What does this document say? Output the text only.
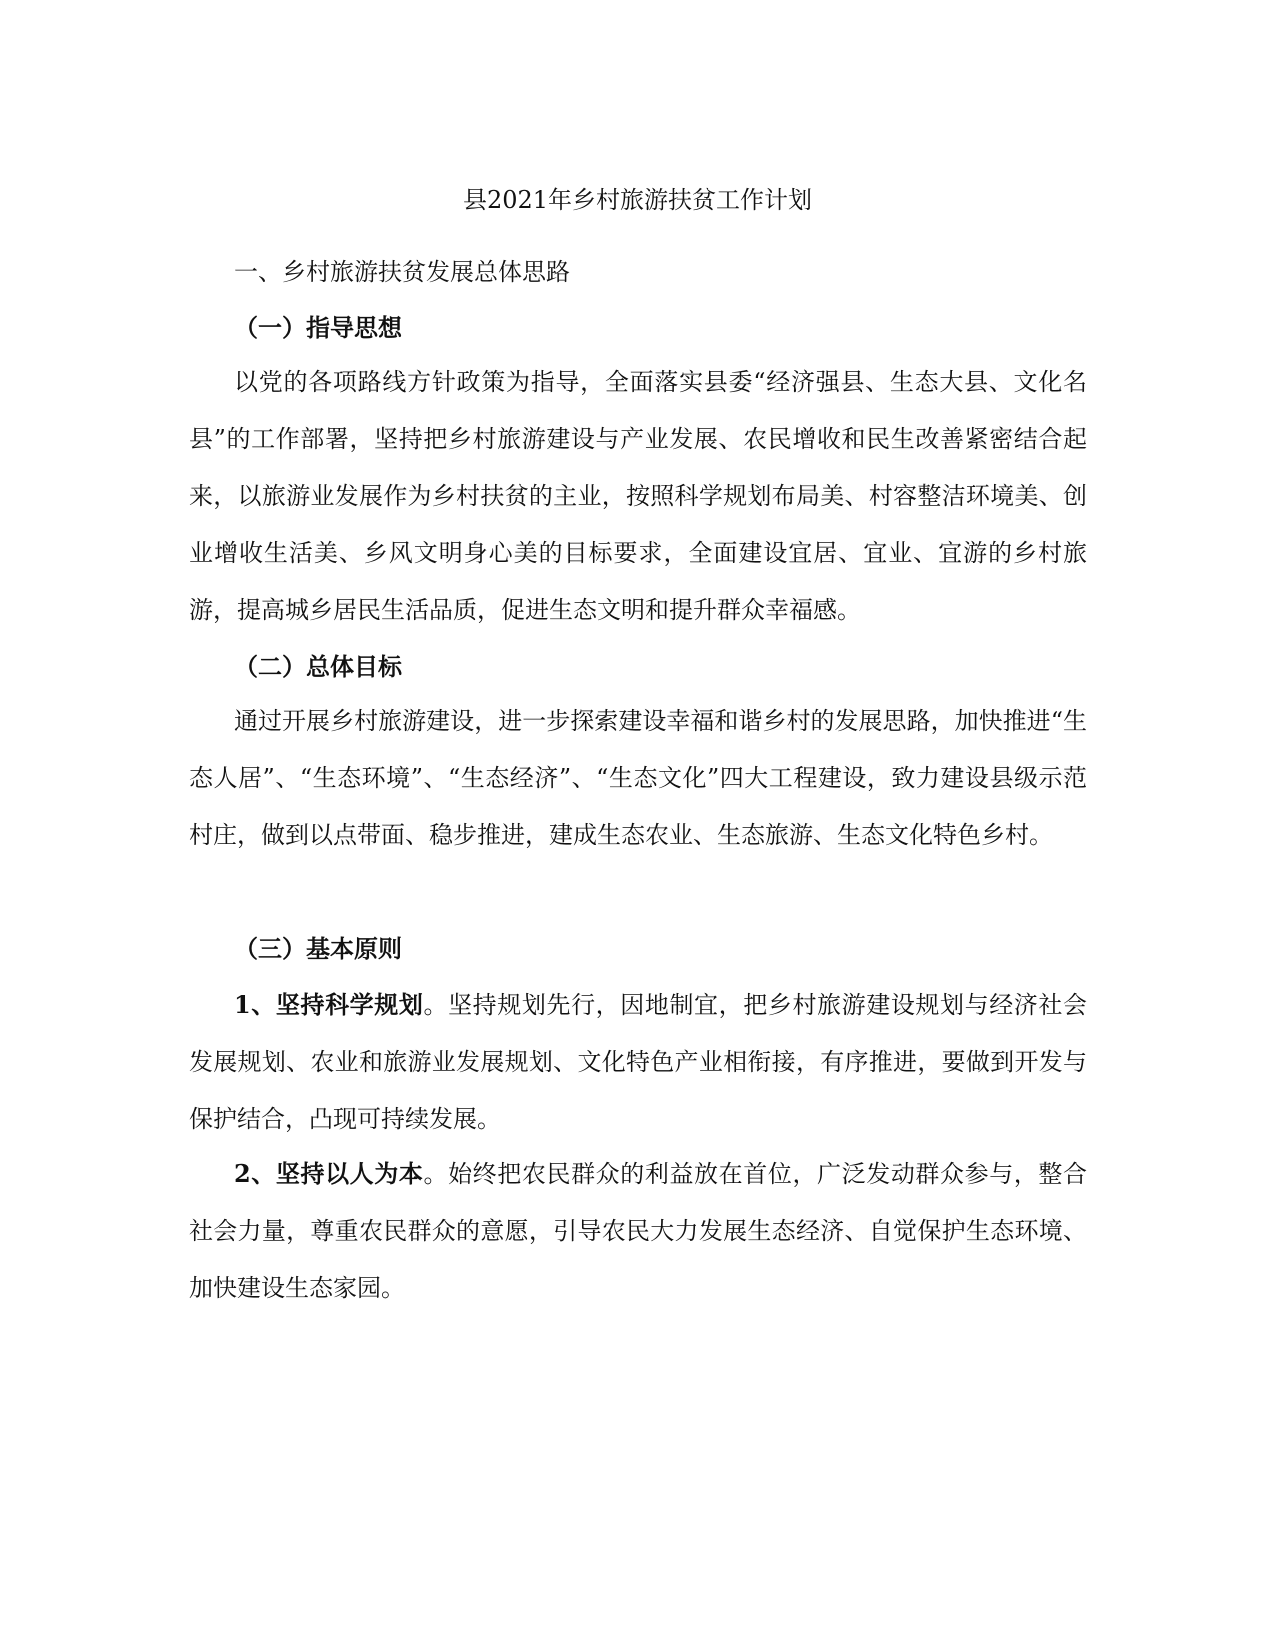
县2021年乡村旅游扶贫工作计划
一、乡村旅游扶贫发展总体思路
（一）指导思想

以党的各项路线方针政策为指导，全面落实县委“经济强县、生态大县、文化名县”的工作部署，坚持把乡村旅游建设与产业发展、农民增收和民生改善紧密结合起来，以旅游业发展作为乡村扶贫的主业，按照科学规划布局美、村容整洁环境美、创业增收生活美、乡风文明身心美的目标要求，全面建设宜居、宜业、宜游的乡村旅游，提高城乡居民生活品质，促进生态文明和提升群众幸福感。

（二）总体目标

通过开展乡村旅游建设，进一步探索建设幸福和谐乡村的发展思路，加快推进“生态人居”、“生态环境”、“生态经济”、“生态文化”四大工程建设，致力建设县级示范村庄，做到以点带面、稳步推进，建成生态农业、生态旅游、生态文化特色乡村。

（三）基本原则

1、坚持科学规划。坚持规划先行，因地制宜，把乡村旅游建设规划与经济社会发展规划、农业和旅游业发展规划、文化特色产业相衔接，有序推进，要做到开发与保护结合，凸现可持续发展。

2、坚持以人为本。始终把农民群众的利益放在首位，广泛发动群众参与，整合社会力量，尊重农民群众的意愿，引导农民大力发展生态经济、自觉保护生态环境、加快建设生态家园。
